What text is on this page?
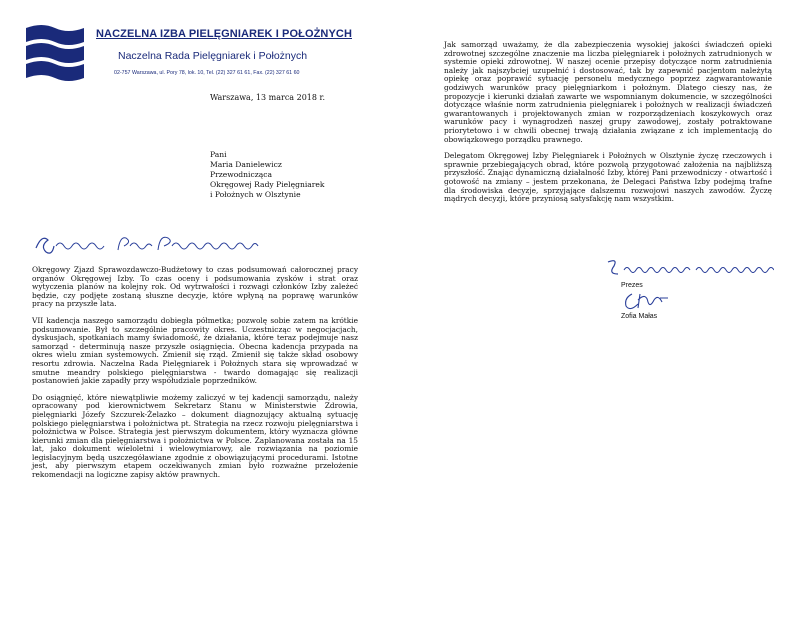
NACZELNA IZBA PIELĘGNIAREK I POŁOŻNYCH
Naczelna Rada Pielęgniarek i Położnych
02-757 Warszawa, ul. Pory 78, lok. 10, Tel. (22) 327 61 61, Fax. (22) 327 61 60
Warszawa, 13 marca 2018 r.
Pani
Maria Danielewicz
Przewodnicząca
Okręgowej Rady Pielęgniarek
i Położnych w Olsztynie

Okręgowy Zjazd Sprawozdawczo-Budżetowy to czas podsumowań całorocznej pracy organów Okręgowej Izby. To czas oceny i podsumowania zysków i strat oraz wytyczenia planów na kolejny rok. Od wytrwałości i rozwagi członków Izby zależeć będzie, czy podjęte zostaną słuszne decyzje, które wpłyną na poprawę warunków pracy na przyszłe lata.

VII kadencja naszego samorządu dobiegła półmetka; pozwolę sobie zatem na krótkie podsumowanie. Był to szczególnie pracowity okres. Uczestnicząc w negocjacjach, dyskusjach, spotkaniach mamy świadomość, że działania, które teraz podejmuje nasz samorząd - determinują nasze przyszłe osiągnięcia. Obecna kadencja przypada na okres wielu zmian systemowych. Zmienił się rząd. Zmienił się także skład osobowy resortu zdrowia. Naczelna Rada Pielęgniarek i Położnych stara się wprowadzać w smutne meandry polskiego pielęgniarstwa - twardo domagając się realizacji postanowień jakie zapadły przy współudziale poprzedników.

Do osiągnięć, które niewątpliwie możemy zaliczyć w tej kadencji samorządu, należy opracowany pod kierownictwem Sekretarz Stanu w Ministerstwie Zdrowia, pielęgniarki Józefy Szczurek-Żelazko – dokument diagnozujący aktualną sytuację polskiego pielęgniarstwa i położnictwa pt. Strategia na rzecz rozwoju pielęgniarstwa i położnictwa w Polsce. Strategia jest pierwszym dokumentem, który wyznacza główne kierunki zmian dla pielęgniarstwa i położnictwa w Polsce. Zaplanowana została na 15 lat, jako dokument wieloletni i wielowymiarowy, ale rozwiązania na poziomie legislacyjnym będą uszczegóławiane zgodnie z obowiązującymi procedurami. Istotne jest, aby pierwszym etapem oczekiwanych zmian było rozważne przełożenie rekomendacji na logiczne zapisy aktów prawnych.

Jak samorząd uważamy, że dla zabezpieczenia wysokiej jakości świadczeń opieki zdrowotnej szczególne znaczenie ma liczba pielęgniarek i położnych zatrudnionych w systemie opieki zdrowotnej. W naszej ocenie przepisy dotyczące norm zatrudnienia należy jak najszybciej uzupełnić i dostosować, tak by zapewnić pacjentom należytą opiekę oraz poprawić sytuację personelu medycznego poprzez zagwarantowanie godziwych warunków pracy pielęgniarkom i położnym. Dlatego cieszy nas, że propozycje i kierunki działań zawarte we wspomnianym dokumencie, w szczególności dotyczące właśnie norm zatrudnienia pielęgniarek i położnych w realizacji świadczeń gwarantowanych i projektowanych zmian w rozporządzeniach koszykowych oraz warunków pacy i wynagrodzeń naszej grupy zawodowej, zostały potraktowane priorytetowo i w chwili obecnej trwają działania związane z ich implementacją do obowiązkowego porządku prawnego.

Delegatom Okręgowej Izby Pielęgniarek i Położnych w Olsztynie życzę rzeczowych i sprawnie przebiegających obrad, które pozwolą przygotować założenia na najbliższą przyszłość. Znając dynamiczną działalność Izby, której Pani przewodniczy - otwartość i gotowość na zmiany – jestem przekonana, że Delegaci Państwa Izby podejmą trafne dla środowiska decyzje, sprzyjające dalszemu rozwojowi naszych zawodów. Życzę mądrych decyzji, które przyniosą satysfakcję nam wszystkim.

Prezes
Zofia Małas
